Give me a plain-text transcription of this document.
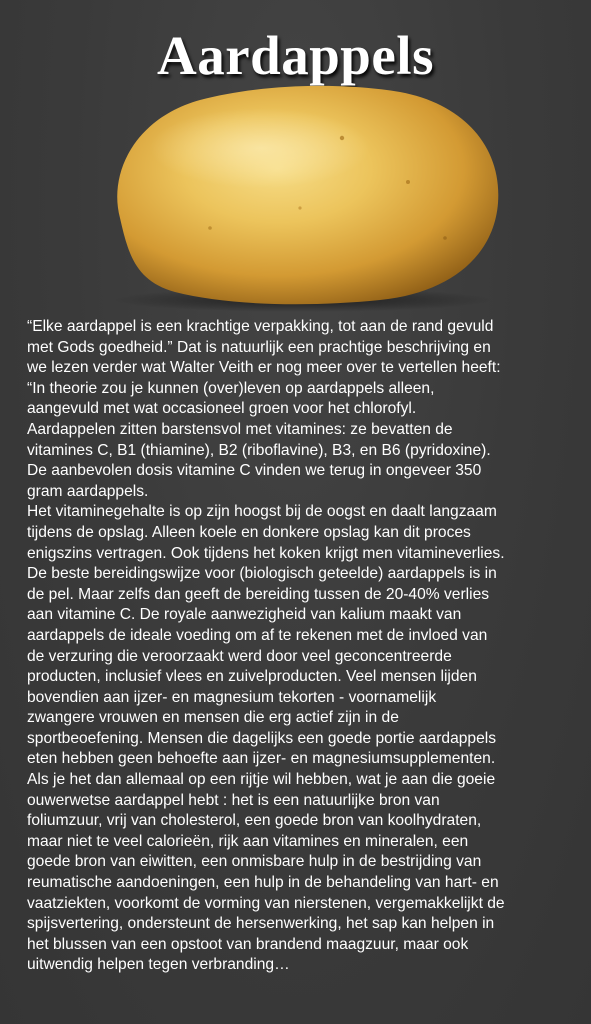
Aardappels
“Elke aardappel is een krachtige verpakking, tot aan de rand gevuld
met Gods goedheid.” Dat is natuurlijk een prachtige beschrijving en
we lezen verder wat Walter Veith er nog meer over te vertellen heeft:
“In theorie zou je kunnen (over)leven op aardappels alleen,
aangevuld met wat occasioneel groen voor het chlorofyl.
Aardappelen zitten barstensvol met vitamines: ze bevatten de
vitamines C, B1 (thiamine), B2 (riboflavine), B3, en B6 (pyridoxine).
De aanbevolen dosis vitamine C vinden we terug in ongeveer 350
gram aardappels.
Het vitaminegehalte is op zijn hoogst bij de oogst en daalt langzaam
tijdens de opslag. Alleen koele en donkere opslag kan dit proces
enigszins vertragen. Ook tijdens het koken krijgt men vitamineverlies.
De beste bereidingswijze voor (biologisch geteelde) aardappels is in
de pel. Maar zelfs dan geeft de bereiding tussen de 20-40% verlies
aan vitamine C. De royale aanwezigheid van kalium maakt van
aardappels de ideale voeding om af te rekenen met de invloed van
de verzuring die veroorzaakt werd door veel geconcentreerde
producten, inclusief vlees en zuivelproducten. Veel mensen lijden
bovendien aan ijzer- en magnesium tekorten - voornamelijk
zwangere vrouwen en mensen die erg actief zijn in de
sportbeoefening. Mensen die dagelijks een goede portie aardappels
eten hebben geen behoefte aan ijzer- en magnesiumsupplementen.
Als je het dan allemaal op een rijtje wil hebben, wat je aan die goeie
ouwerwetse aardappel hebt : het is een natuurlijke bron van
foliumzuur, vrij van cholesterol, een goede bron van koolhydraten,
maar niet te veel calorieën, rijk aan vitamines en mineralen, een
goede bron van eiwitten, een onmisbare hulp in de bestrijding van
reumatische aandoeningen, een hulp in de behandeling van hart- en
vaatziekten, voorkomt de vorming van nierstenen, vergemakkelijkt de
spijsvertering, ondersteunt de hersenwerking, het sap kan helpen in
het blussen van een opstoot van brandend maagzuur, maar ook
uitwendig helpen tegen verbranding…
